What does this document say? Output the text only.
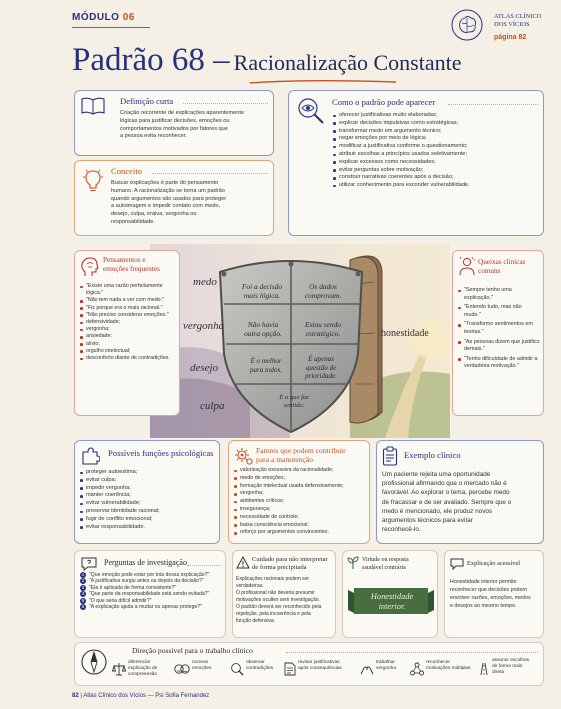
MÓDULO 06
Padrão 68 – Racionalização Constante
ATLAS CLÍNICO
DOS VÍCIOS
página 82
Definição curta
Criação recorrente de explicações aparentemente
lógicas para justificar decisões, emoções ou
comportamentos motivados por fatores que
a pessoa evita reconhecer.
Conceito
Buscar explicações é parte do pensamento
humano. A racionalização se torna um padrão
quando argumentos são usados para proteger
a autoimagem e impedir contato com medo,
desejo, culpa, irraiva, vergonha ou
responsabilidade.
Como o padrão pode aparecer
oferecer justificativas muito elaboradas;
explicar decisões impulsivas como estratégicas;
transformar medo em argumento técnico;
negar emoções por meio de lógica;
modificar a justificativa conforme o questionamento;
atribuir escolhas a princípios usados seletivamente;
explicar excessos como necessidades;
evitar perguntas sobre motivação;
construir narrativas coerentes após a decisão;
utilizar conhecimento para esconder vulnerabilidade.
Foi a decisão mais lógica.
Os dados comprovam.
Não havia outra opção.
Estou sendo estratégico.
É o melhor para todos.
É apenas questão de prioridade.
É o que faz sentido.
medo
vergonha
desejo
culpa
honestidade
Pensamentos e
emoções frequentes
"Existe uma razão perfeitamente lógica."
"Não tem nada a ver com medo."
"Fiz porque era o mais racional."
"Não preciso considerar emoções."
defensividade;
vergonha;
ansiedade;
alívio;
orgulho intelectual;
desconforto diante de contradições.
Queixas clínicas
comuns
"Sempre tenho uma explicação."
"Entendo tudo, mas não mudo."
"Transformo sentimentos em teorias."
"As pessoas dizem que justifico demais."
"Tenho dificuldade de admitir a verdadeira motivação."
Possíveis funções psicológicas
proteger autoestima;
evitar culpa;
impedir vergonha;
manter coerência;
evitar vulnerabilidade;
preservar identidade racional;
fugir de conflito emocional;
evitar responsabilidade.
Fatores que podem contribuir
para a manutenção
valorização excessiva da racionalidade;
medo de emoções;
formação intelectual usada defensivamente;
vergonha;
ambientes críticos;
insegurança;
necessidade de controle;
baixa consciência emocional;
reforço por argumentos convincentes.
Exemplo clínico
Um paciente rejeita uma oportunidade
profissional afirmando que o mercado não é
favorável. Ao explorar o tema, percebe medo
de fracassar e de ser avaliado. Sempre que o
medo é mencionado, ele produz novos
argumentos técnicos para evitar
reconhecê-lo.
Perguntas de investigação
1 "Que emoção pode estar por trás dessa explicação?"
2 "A justificativa surgiu antes ou depois da decisão?"
3 "Ela é aplicada de forma consistente?"
4 "Que parte da responsabilidade está sendo evitada?"
5 "O que seria difícil admitir?"
6 "A explicação ajuda a mudar ou apenas protege?"
Cuidado para não interpretar
de forma precipitada
Explicações racionais podem ser verdadeiras.
O profissional não deveria presumir
motivações ocultes sem investigação.
O padrão deverá ser reconhecido pela
repetição, pela incoerência e pela
função defensiva.
Virtude ou resposta
saudável contrária
Honestidade
interior.
Explicação acessível
Honestidade interior permite
reconhecer que decisões podem
envolver razões, emoções, medos
e desejos ao mesmo tempo.
Direção possível para o trabalho clínico
diferenciar
explicação de
compreensão
nomear
emoções
observar
contradições
revisar justificativas
após consequências
trabalhar
vergonha
reconhecer
motivações múltiplas
assumir escolhas
de forma mais
direta
82 | Atlas Clínico dos Vícios — Psi Sofia Fernandez
